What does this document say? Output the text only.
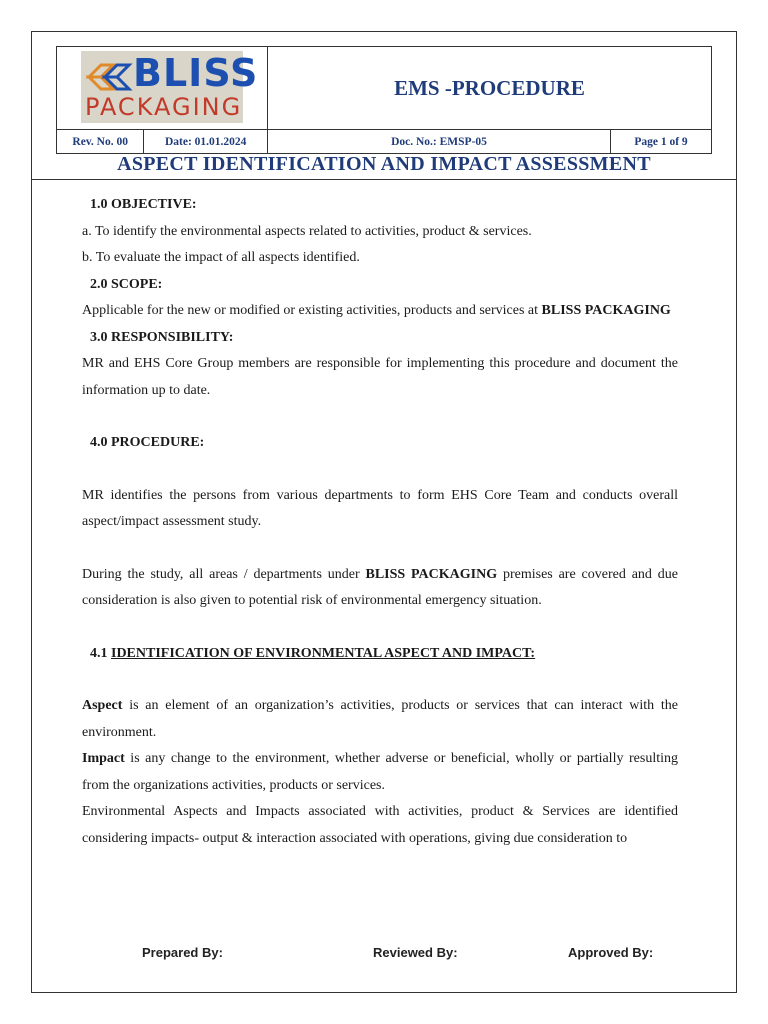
BLISS
PACKAGING		EMS -PROCEDURE	
Rev. No. 00	Date: 01.01.2024	Doc. No.: EMSP-05	Page 1 of 9
ASPECT IDENTIFICATION AND IMPACT ASSESSMENT

1.0 OBJECTIVE:

a. To identify the environmental aspects related to activities, product & services.

b. To evaluate the impact of all aspects identified.

2.0 SCOPE:

Applicable for the new or modified or existing activities, products and services at BLISS PACKAGING

3.0 RESPONSIBILITY:

MR and EHS Core Group members are responsible for implementing this procedure and document the information up to date.

4.0 PROCEDURE:

MR identifies the persons from various departments to form EHS Core Team and conducts overall aspect/impact assessment study.

During the study, all areas / departments under BLISS PACKAGING premises are covered and due consideration is also given to potential risk of environmental emergency situation.

4.1 IDENTIFICATION OF ENVIRONMENTAL ASPECT AND IMPACT:

Aspect is an element of an organization’s activities, products or services that can interact with the environment.

Impact is any change to the environment, whether adverse or beneficial, wholly or partially resulting from the organizations activities, products or services.

Environmental Aspects and Impacts associated with activities, product & Services are identified considering impacts- output & interaction associated with operations, giving due consideration to

Prepared By:	Reviewed By:	Approved By:
